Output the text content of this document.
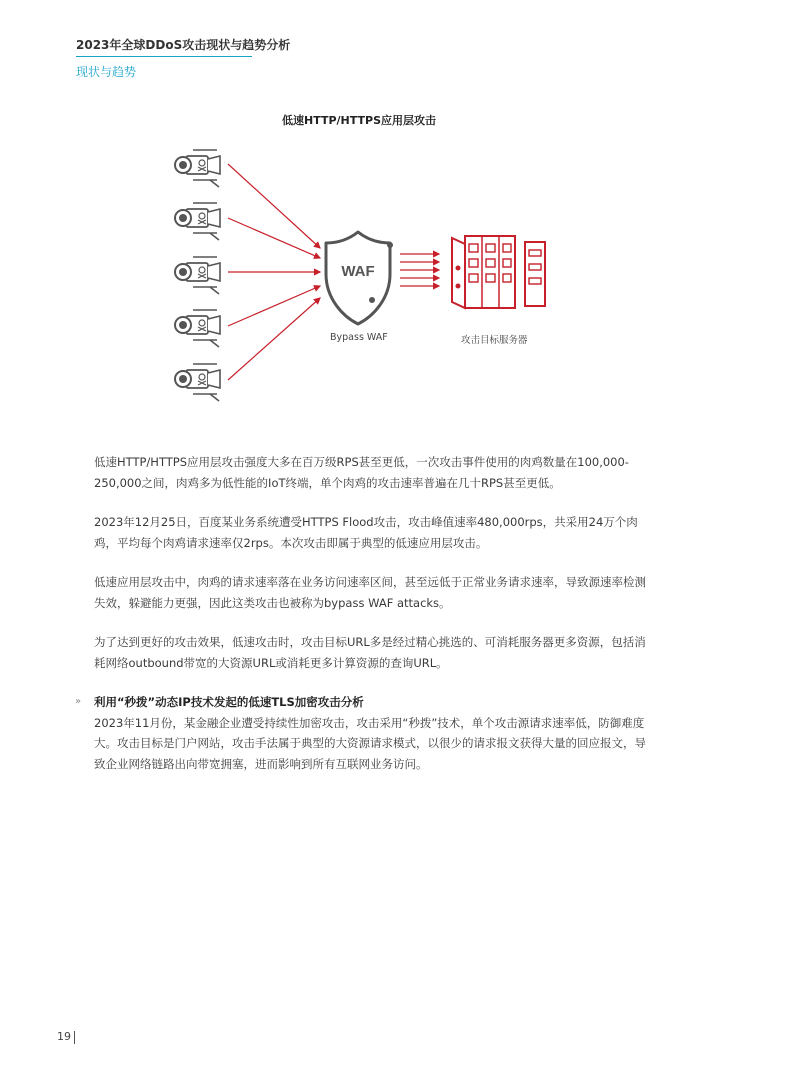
2023年全球DDoS攻击现状与趋势分析
现状与趋势
低速HTTP/HTTPS应用层攻击
WAF
Bypass WAF	攻击目标服务器

低速HTTP/HTTPS应用层攻击强度大多在百万级RPS甚至更低，一次攻击事件使用的肉鸡数量在100,000-250,000之间，肉鸡多为低性能的IoT终端，单个肉鸡的攻击速率普遍在几十RPS甚至更低。

2023年12月25日，百度某业务系统遭受HTTPS Flood攻击，攻击峰值速率480,000rps，共采用24万个肉鸡，平均每个肉鸡请求速率仅2rps。本次攻击即属于典型的低速应用层攻击。

低速应用层攻击中，肉鸡的请求速率落在业务访问速率区间，甚至远低于正常业务请求速率，导致源速率检测失效，躲避能力更强，因此这类攻击也被称为bypass WAF attacks。

为了达到更好的攻击效果，低速攻击时，攻击目标URL多是经过精心挑选的、可消耗服务器更多资源，包括消耗网络outbound带宽的大资源URL或消耗更多计算资源的查询URL。

» 利用“秒拨”动态IP技术发起的低速TLS加密攻击分析

2023年11月份，某金融企业遭受持续性加密攻击，攻击采用“秒拨”技术，单个攻击源请求速率低，防御难度大。攻击目标是门户网站，攻击手法属于典型的大资源请求模式，以很少的请求报文获得大量的回应报文，导致企业网络链路出向带宽拥塞，进而影响到所有互联网业务访问。

19
